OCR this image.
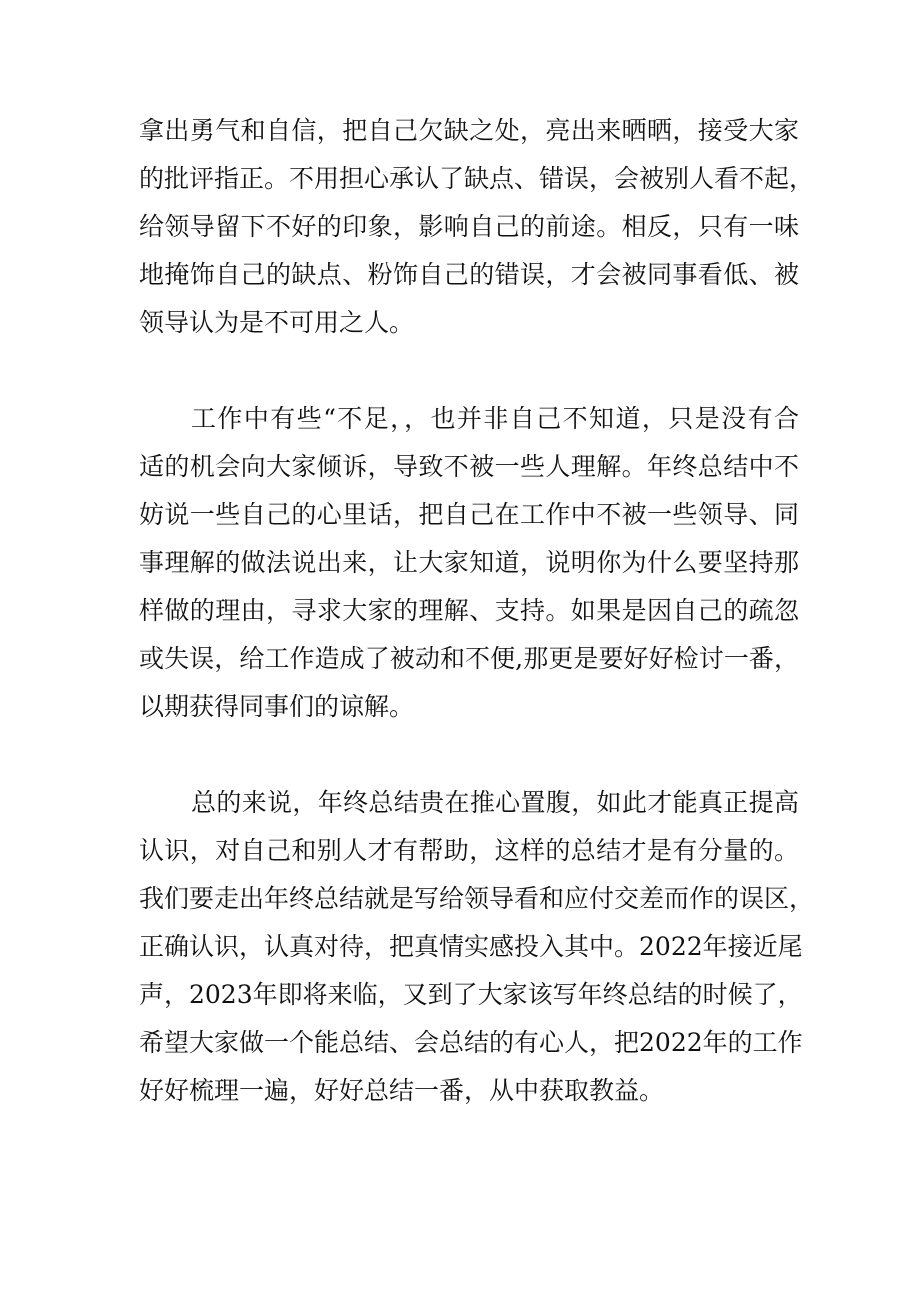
拿出勇气和自信，把自己欠缺之处，亮出来晒晒，接受大家
的批评指正。不用担心承认了缺点、错误，会被别人看不起，
给领导留下不好的印象，影响自己的前途。相反，只有一味
地掩饰自己的缺点、粉饰自己的错误，才会被同事看低、被
领导认为是不可用之人。
工作中有些“不足，，也并非自己不知道，只是没有合
适的机会向大家倾诉，导致不被一些人理解。年终总结中不
妨说一些自己的心里话，把自己在工作中不被一些领导、同
事理解的做法说出来，让大家知道，说明你为什么要坚持那
样做的理由，寻求大家的理解、支持。如果是因自己的疏忽
或失误，给工作造成了被动和不便,那更是要好好检讨一番，
以期获得同事们的谅解。
总的来说，年终总结贵在推心置腹，如此才能真正提高
认识，对自己和别人才有帮助，这样的总结才是有分量的。
我们要走出年终总结就是写给领导看和应付交差而作的误区，
正确认识，认真对待，把真情实感投入其中。2022年接近尾
声，2023年即将来临，又到了大家该写年终总结的时候了，
希望大家做一个能总结、会总结的有心人，把2022年的工作
好好梳理一遍，好好总结一番，从中获取教益。
